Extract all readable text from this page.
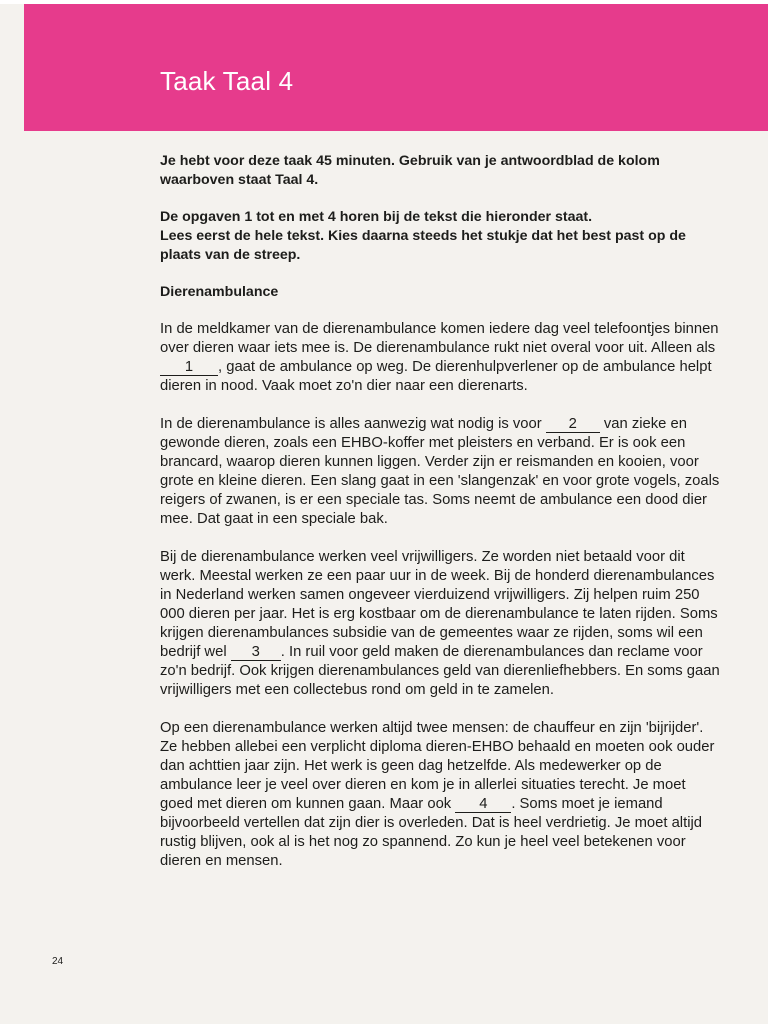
Taak Taal 4

Je hebt voor deze taak 45 minuten. Gebruik van je antwoordblad de kolom waarboven staat Taal 4.

De opgaven 1 tot en met 4 horen bij de tekst die hieronder staat.
Lees eerst de hele tekst. Kies daarna steeds het stukje dat het best past op de plaats van de streep.

Dierenambulance

In de meldkamer van de dierenambulance komen iedere dag veel telefoontjes binnen over dieren waar iets mee is. De dierenambulance rukt niet overal voor uit. Alleen als 1 , gaat de ambulance op weg. De dierenhulpverlener op de ambulance helpt dieren in nood. Vaak moet zo'n dier naar een dierenarts.

In de dierenambulance is alles aanwezig wat nodig is voor 2 van zieke en gewonde dieren, zoals een EHBO-koffer met pleisters en verband. Er is ook een brancard, waarop dieren kunnen liggen. Verder zijn er reismanden en kooien, voor grote en kleine dieren. Een slang gaat in een 'slangenzak' en voor grote vogels, zoals reigers of zwanen, is er een speciale tas. Soms neemt de ambulance een dood dier mee. Dat gaat in een speciale bak.

Bij de dierenambulance werken veel vrijwilligers. Ze worden niet betaald voor dit werk. Meestal werken ze een paar uur in de week. Bij de honderd dierenambulances in Nederland werken samen ongeveer vierduizend vrijwilligers. Zij helpen ruim 250 000 dieren per jaar. Het is erg kostbaar om de dierenambulance te laten rijden. Soms krijgen dierenambulances subsidie van de gemeentes waar ze rijden, soms wil een bedrijf wel 3 . In ruil voor geld maken de dierenambulances dan reclame voor zo'n bedrijf. Ook krijgen dierenambulances geld van dierenliefhebbers. En soms gaan vrijwilligers met een collectebus rond om geld in te zamelen.

Op een dierenambulance werken altijd twee mensen: de chauffeur en zijn 'bijrijder'. Ze hebben allebei een verplicht diploma dieren-EHBO behaald en moeten ook ouder dan achttien jaar zijn. Het werk is geen dag hetzelfde. Als medewerker op de ambulance leer je veel over dieren en kom je in allerlei situaties terecht. Je moet goed met dieren om kunnen gaan. Maar ook 4 . Soms moet je iemand bijvoorbeeld vertellen dat zijn dier is overleden. Dat is heel verdrietig. Je moet altijd rustig blijven, ook al is het nog zo spannend. Zo kun je heel veel betekenen voor dieren en mensen.

24
